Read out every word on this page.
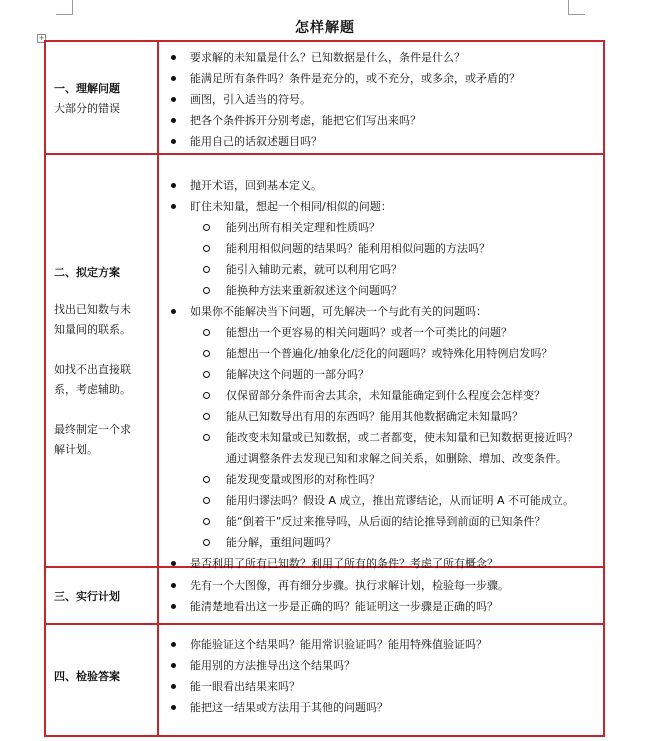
+
怎样解题
一、理解问题
大部分的错误
要求解的未知量是什么？已知数据是什么，条件是什么？
能满足所有条件吗？条件是充分的，或不充分，或多余，或矛盾的？
画图，引入适当的符号。
把各个条件拆开分别考虑，能把它们写出来吗？
能用自己的话叙述题目吗？
二、拟定方案
找出已知数与未
知量间的联系。
如找不出直接联
系，考虑辅助。
最终制定一个求
解计划。
抛开术语，回到基本定义。
盯住未知量，想起一个相同/相似的问题：
能列出所有相关定理和性质吗？
能利用相似问题的结果吗？能利用相似问题的方法吗？
能引入辅助元素，就可以利用它吗？
能换种方法来重新叙述这个问题吗？
如果你不能解决当下问题，可先解决一个与此有关的问题吗：
能想出一个更容易的相关问题吗？或者一个可类比的问题？
能想出一个普遍化/抽象化/泛化的问题吗？或特殊化用特例启发吗？
能解决这个问题的一部分吗？
仅保留部分条件而舍去其余，未知量能确定到什么程度会怎样变？
能从已知数导出有用的东西吗？能用其他数据确定未知量吗？
能改变未知量或已知数据，或二者都变，使未知量和已知数据更接近吗？
通过调整条件去发现已知和求解之间关系，如删除、增加、改变条件。
能发现变量或图形的对称性吗？
能用归谬法吗？假设 A 成立，推出荒谬结论，从而证明 A 不可能成立。
能“倒着干”反过来推导吗，从后面的结论推导到前面的已知条件？
能分解，重组问题吗？
是否利用了所有已知数？利用了所有的条件？考虑了所有概念？
三、实行计划
先有一个大图像，再有细分步骤。执行求解计划，检验每一步骤。
能清楚地看出这一步是正确的吗？能证明这一步骤是正确的吗？
四、检验答案
你能验证这个结果吗？能用常识验证吗？能用特殊值验证吗？
能用别的方法推导出这个结果吗？
能一眼看出结果来吗？
能把这一结果或方法用于其他的问题吗？
